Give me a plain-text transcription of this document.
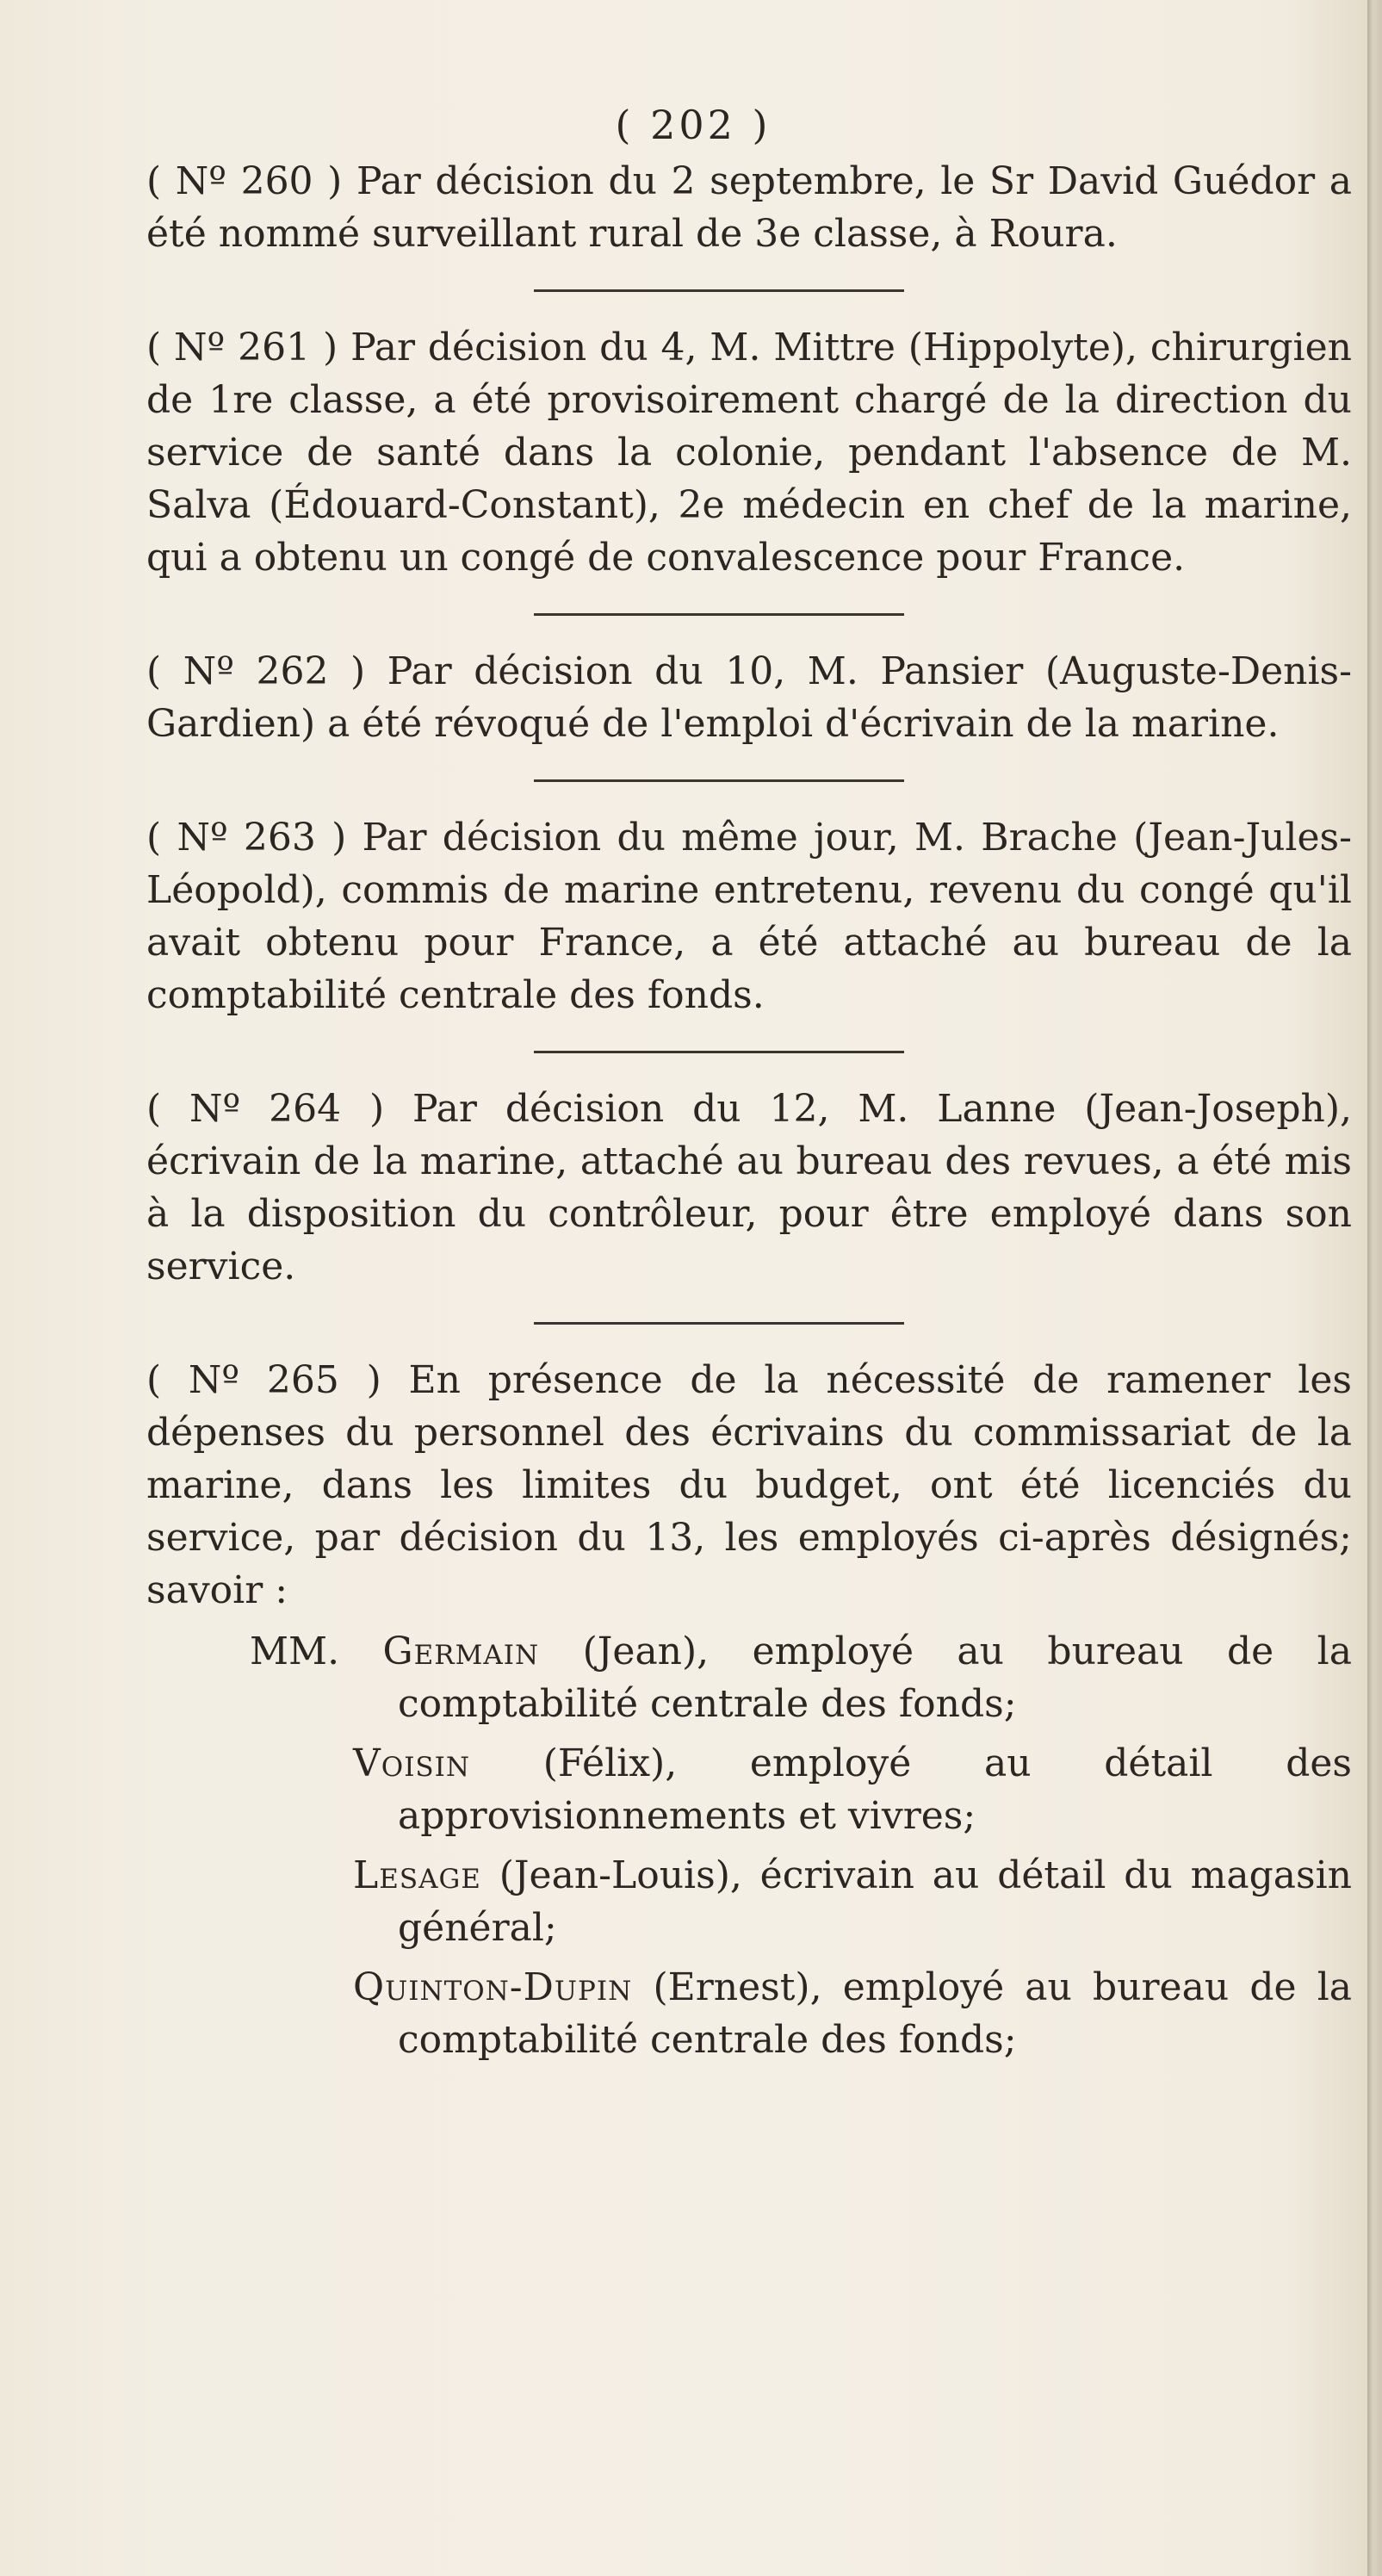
( 202 )

( Nº 260 ) Par décision du 2 septembre, le Sr David Guédor a été nommé surveillant rural de 3e classe, à Roura.

( Nº 261 ) Par décision du 4, M. Mittre (Hippolyte), chirurgien de 1re classe, a été provisoirement chargé de la direction du service de santé dans la colonie, pendant l'absence de M. Salva (Édouard-Constant), 2e médecin en chef de la marine, qui a obtenu un congé de convalescence pour France.

( Nº 262 ) Par décision du 10, M. Pansier (Auguste-Denis-Gardien) a été révoqué de l'emploi d'écrivain de la marine.

( Nº 263 ) Par décision du même jour, M. Brache (Jean-Jules-Léopold), commis de marine entretenu, revenu du congé qu'il avait obtenu pour France, a été attaché au bureau de la comptabilité centrale des fonds.

( Nº 264 ) Par décision du 12, M. Lanne (Jean-Joseph), écrivain de la marine, attaché au bureau des revues, a été mis à la disposition du contrôleur, pour être employé dans son service.

( Nº 265 ) En présence de la nécessité de ramener les dépenses du personnel des écrivains du commissariat de la marine, dans les limites du budget, ont été licenciés du service, par décision du 13, les employés ci-après désignés; savoir :

MM. Germain (Jean), employé au bureau de la comptabilité centrale des fonds;

Voisin (Félix), employé au détail des approvisionnements et vivres;

Lesage (Jean-Louis), écrivain au détail du magasin général;

Quinton-Dupin (Ernest), employé au bureau de la comptabilité centrale des fonds;
